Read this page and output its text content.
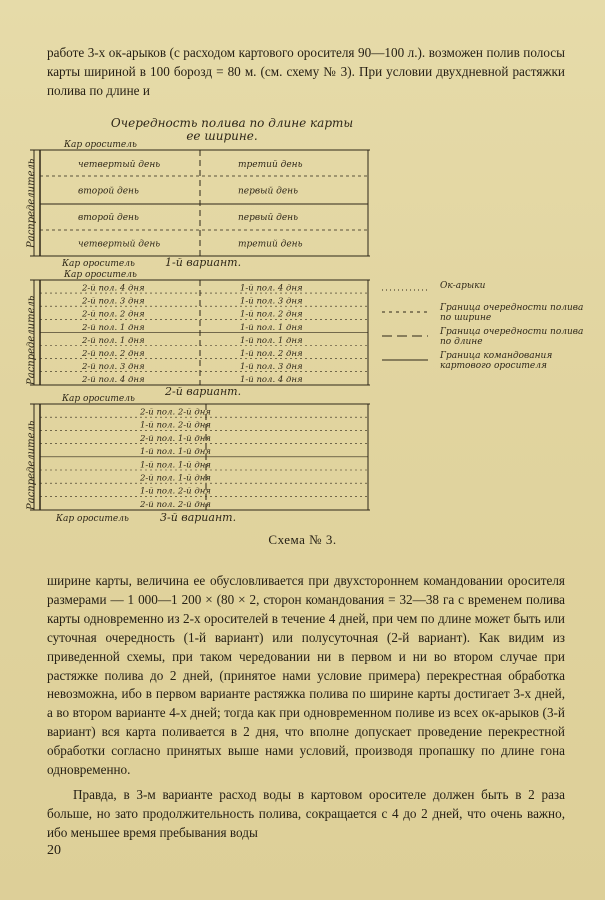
работе 3-х ок-арыков (с расходом картового оросителя 90—100 л.). возможен полив полосы карты шириной в 100 борозд = 80 м. (см. схему № 3). При условии двухдневной растяжки полива по длине и
Очередность полива по длине карты
ее ширине.
Кар ороситель
Распределитель
1-й вариант.
Кар ороситель
четвертый день	третий день
второй день	первый день
второй день	первый день
четвертый день	третий день
Кар ороситель
Распределитель
2-й вариант.
2-й пол. 4 дня	1-й пол. 4 дня
2-й пол. 3 дня	1-й пол. 3 дня
2-й пол. 2 дня	1-й пол. 2 дня
2-й пол. 1 дня	1-й пол. 1 дня
2-й пол. 1 дня	1-й пол. 1 дня
2-й пол. 2 дня	1-й пол. 2 дня
2-й пол. 3 дня	1-й пол. 3 дня
2-й пол. 4 дня	1-й пол. 4 дня
Кар ороситель
Распределитель
3-й вариант.
Кар ороситель
2-й пол. 2-й дня
1-й пол. 2-й дня
2-й пол. 1-й дня
1-й пол. 1-й дня
1-й пол. 1-й дня
2-й пол. 1-й дня
1-й пол. 2-й дня
2-й пол. 2-й дня
Ок-арыки
Граница очередности полива по ширине
Граница очередности полива по длине
Граница командования картового оросителя
Схема № 3.
ширине карты, величина ее обусловливается при двухстороннем командовании оросителя размерами — 1 000—1 200 × (80 × 2, сторон командования = 32—38 га с временем полива карты одновременно из 2-х оросителей в течение 4 дней, при чем по длине может быть или суточная очередность (1-й вариант) или полусуточная (2-й вариант). Как видим из приведенной схемы, при таком чередовании ни в первом и ни во втором случае при растяжке полива до 2 дней, (принятое нами условие примера) перекрестная обработка невозможна, ибо в первом варианте растяжка полива по ширине карты достигает 3-х дней, а во втором варианте 4-х дней; тогда как при одновременном поливе из всех ок-арыков (3-й вариант) вся карта поливается в 2 дня, что вполне допускает проведение перекрестной обработки согласно принятых выше нами условий, производя пропашку по длине гона одновременно.
Правда, в 3-м варианте расход воды в картовом оросителе должен быть в 2 раза больше, но зато продолжительность полива, сокращается с 4 до 2 дней, что очень важно, ибо меньшее время пребывания воды
20
